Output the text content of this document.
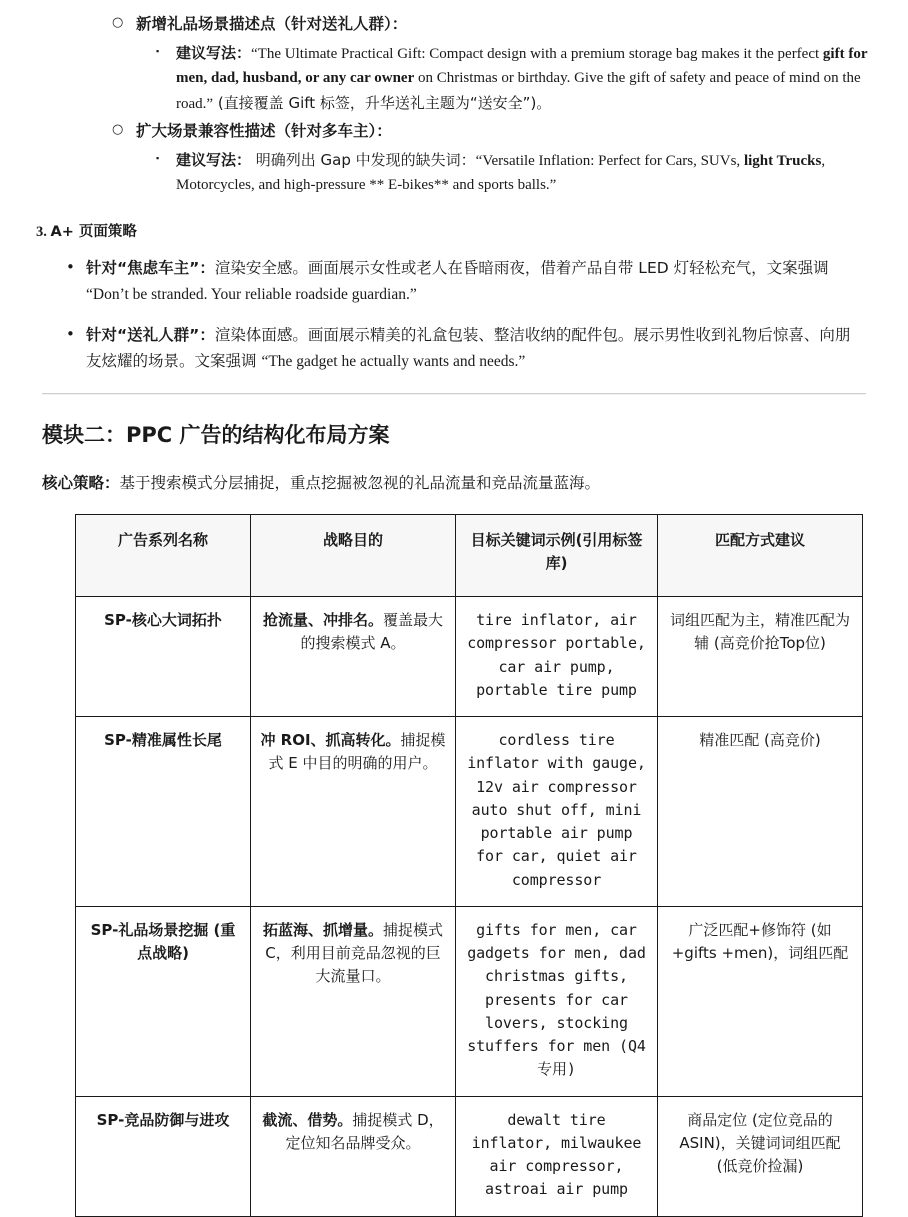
○ 新增礼品场景描述点（针对送礼人群）：
▪ 建议写法：“The Ultimate Practical Gift: Compact design with a premium storage bag makes it the perfect gift for men, dad, husband, or any car owner on Christmas or birthday. Give the gift of safety and peace of mind on the road.” (直接覆盖 Gift 标签，升华送礼主题为“送安全”)。
○ 扩大场景兼容性描述（针对多车主）：
▪ 建议写法： 明确列出 Gap 中发现的缺失词：“Versatile Inflation: Perfect for Cars, SUVs, light Trucks, Motorcycles, and high-pressure ** E-bikes** and sports balls.”
3. A+ 页面策略
• 针对“焦虑车主”：渲染安全感。画面展示女性或老人在昏暗雨夜，借着产品自带 LED 灯轻松充气，文案强调 “Don’t be stranded. Your reliable roadside guardian.”
• 针对“送礼人群”：渲染体面感。画面展示精美的礼盒包装、整洁收纳的配件包。展示男性收到礼物后惊喜、向朋友炫耀的场景。文案强调 “The gadget he actually wants and needs.”
模块二：PPC 广告的结构化布局方案

核心策略：基于搜索模式分层捕捉，重点挖掘被忽视的礼品流量和竞品流量蓝海。

广告系列名称	战略目的	目标关键词示例(引用标签库)	匹配方式建议
SP-核心大词拓扑	抢流量、冲排名。覆盖最大的搜索模式 A。	tire inflator, air compressor portable, car air pump, portable tire pump	词组匹配为主，精准匹配为辅 (高竞价抢Top位)
SP-精准属性长尾	冲 ROI、抓高转化。捕捉模式 E 中目的明确的用户。	cordless tire inflator with gauge, 12v air compressor auto shut off, mini portable air pump for car, quiet air compressor	精准匹配 (高竞价)
SP-礼品场景挖掘 (重点战略)	拓蓝海、抓增量。捕捉模式 C，利用目前竞品忽视的巨大流量口。	gifts for men, car gadgets for men, dad christmas gifts, presents for car lovers, stocking stuffers for men (Q4 专用)	广泛匹配+修饰符 (如 +gifts +men)，词组匹配
SP-竞品防御与进攻	截流、借势。捕捉模式 D，定位知名品牌受众。	dewalt tire inflator, milwaukee air compressor, astroai air pump	商品定位 (定位竞品的 ASIN)，关键词词组匹配 (低竞价捡漏)
